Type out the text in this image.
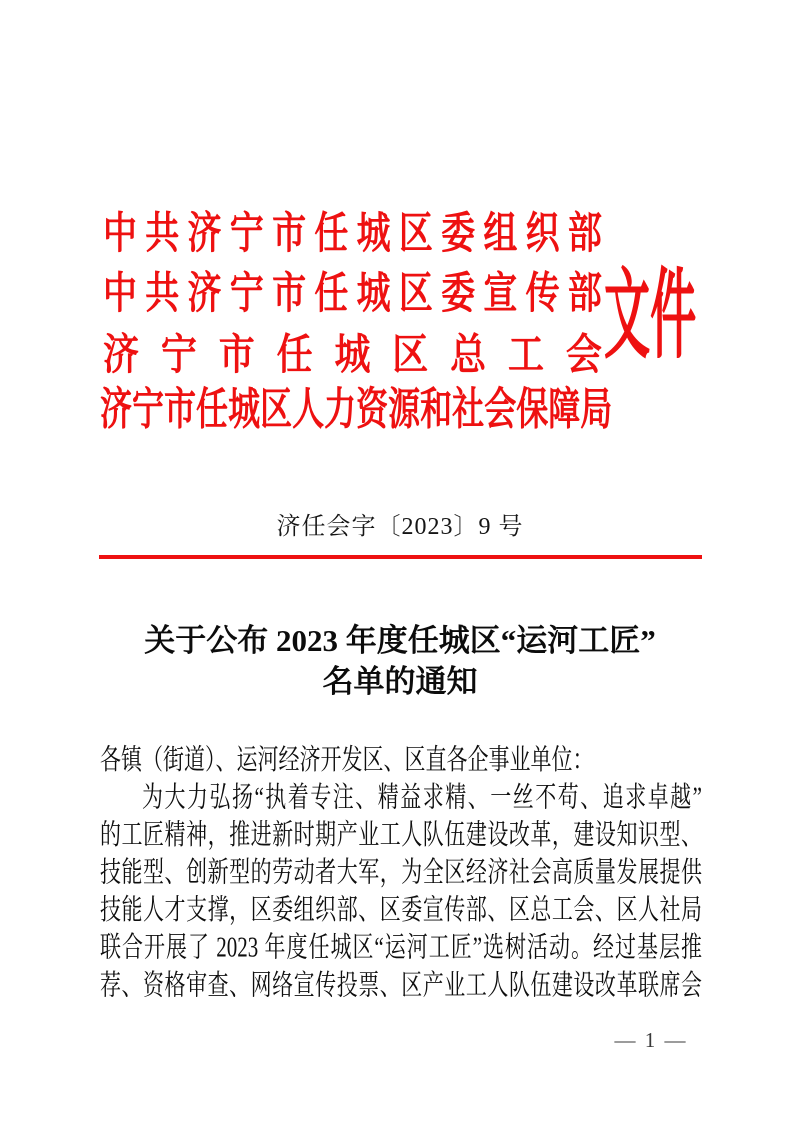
中 共 济 宁 市 任 城 区 委 组 织 部
中 共 济 宁 市 任 城 区 委 宣 传 部
济 宁 市 任 城 区 总 工 会
济 宁 市 任 城 区 人 力 资 源 和 社 会 保 障 局
文件
济任会字〔2023〕9 号
关于公布 2023 年度任城区“运河工匠”
名单的通知
各镇（街道）、运河经济开发区、区直各企事业单位：
为大力弘扬“执着专注、精益求精、一丝不苟、追求卓越”
的工匠精神，推进新时期产业工人队伍建设改革，建设知识型、
技能型、创新型的劳动者大军，为全区经济社会高质量发展提供
技能人才支撑，区委组织部、区委宣传部、区总工会、区人社局
联合开展了 2023 年度任城区“运河工匠”选树活动。经过基层推
荐、资格审查、网络宣传投票、区产业工人队伍建设改革联席会
— 1 —
